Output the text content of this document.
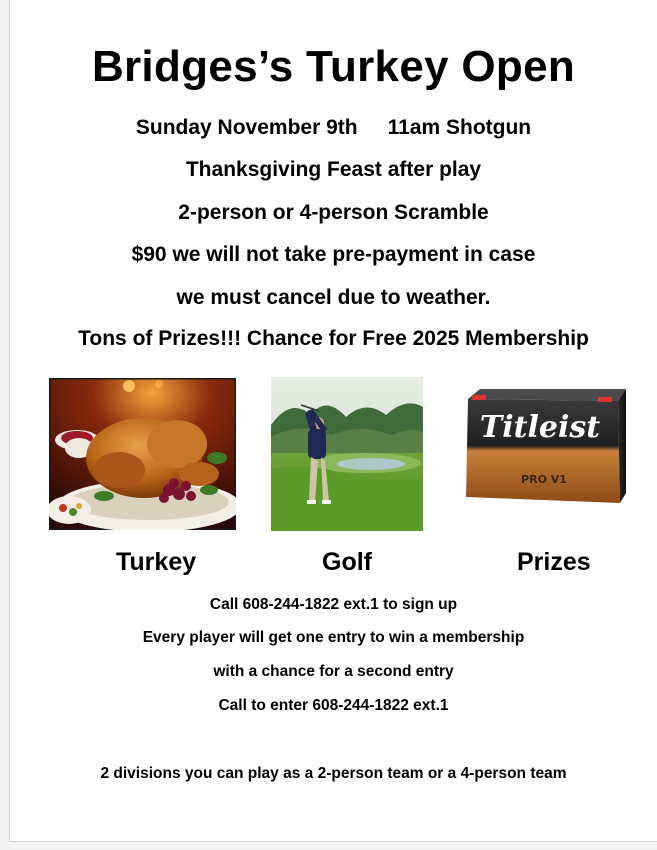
Bridges’s Turkey Open
Sunday November 9th 11am Shotgun
Thanksgiving Feast after play
2-person or 4-person Scramble
$90 we will not take pre-payment in case
we must cancel due to weather.
Tons of Prizes!!! Chance for Free 2025 Membership
Titleist
PRO V1
Turkey	Golf	Prizes
Call 608-244-1822 ext.1 to sign up
Every player will get one entry to win a membership
with a chance for a second entry
Call to enter 608-244-1822 ext.1
2 divisions you can play as a 2-person team or a 4-person team
